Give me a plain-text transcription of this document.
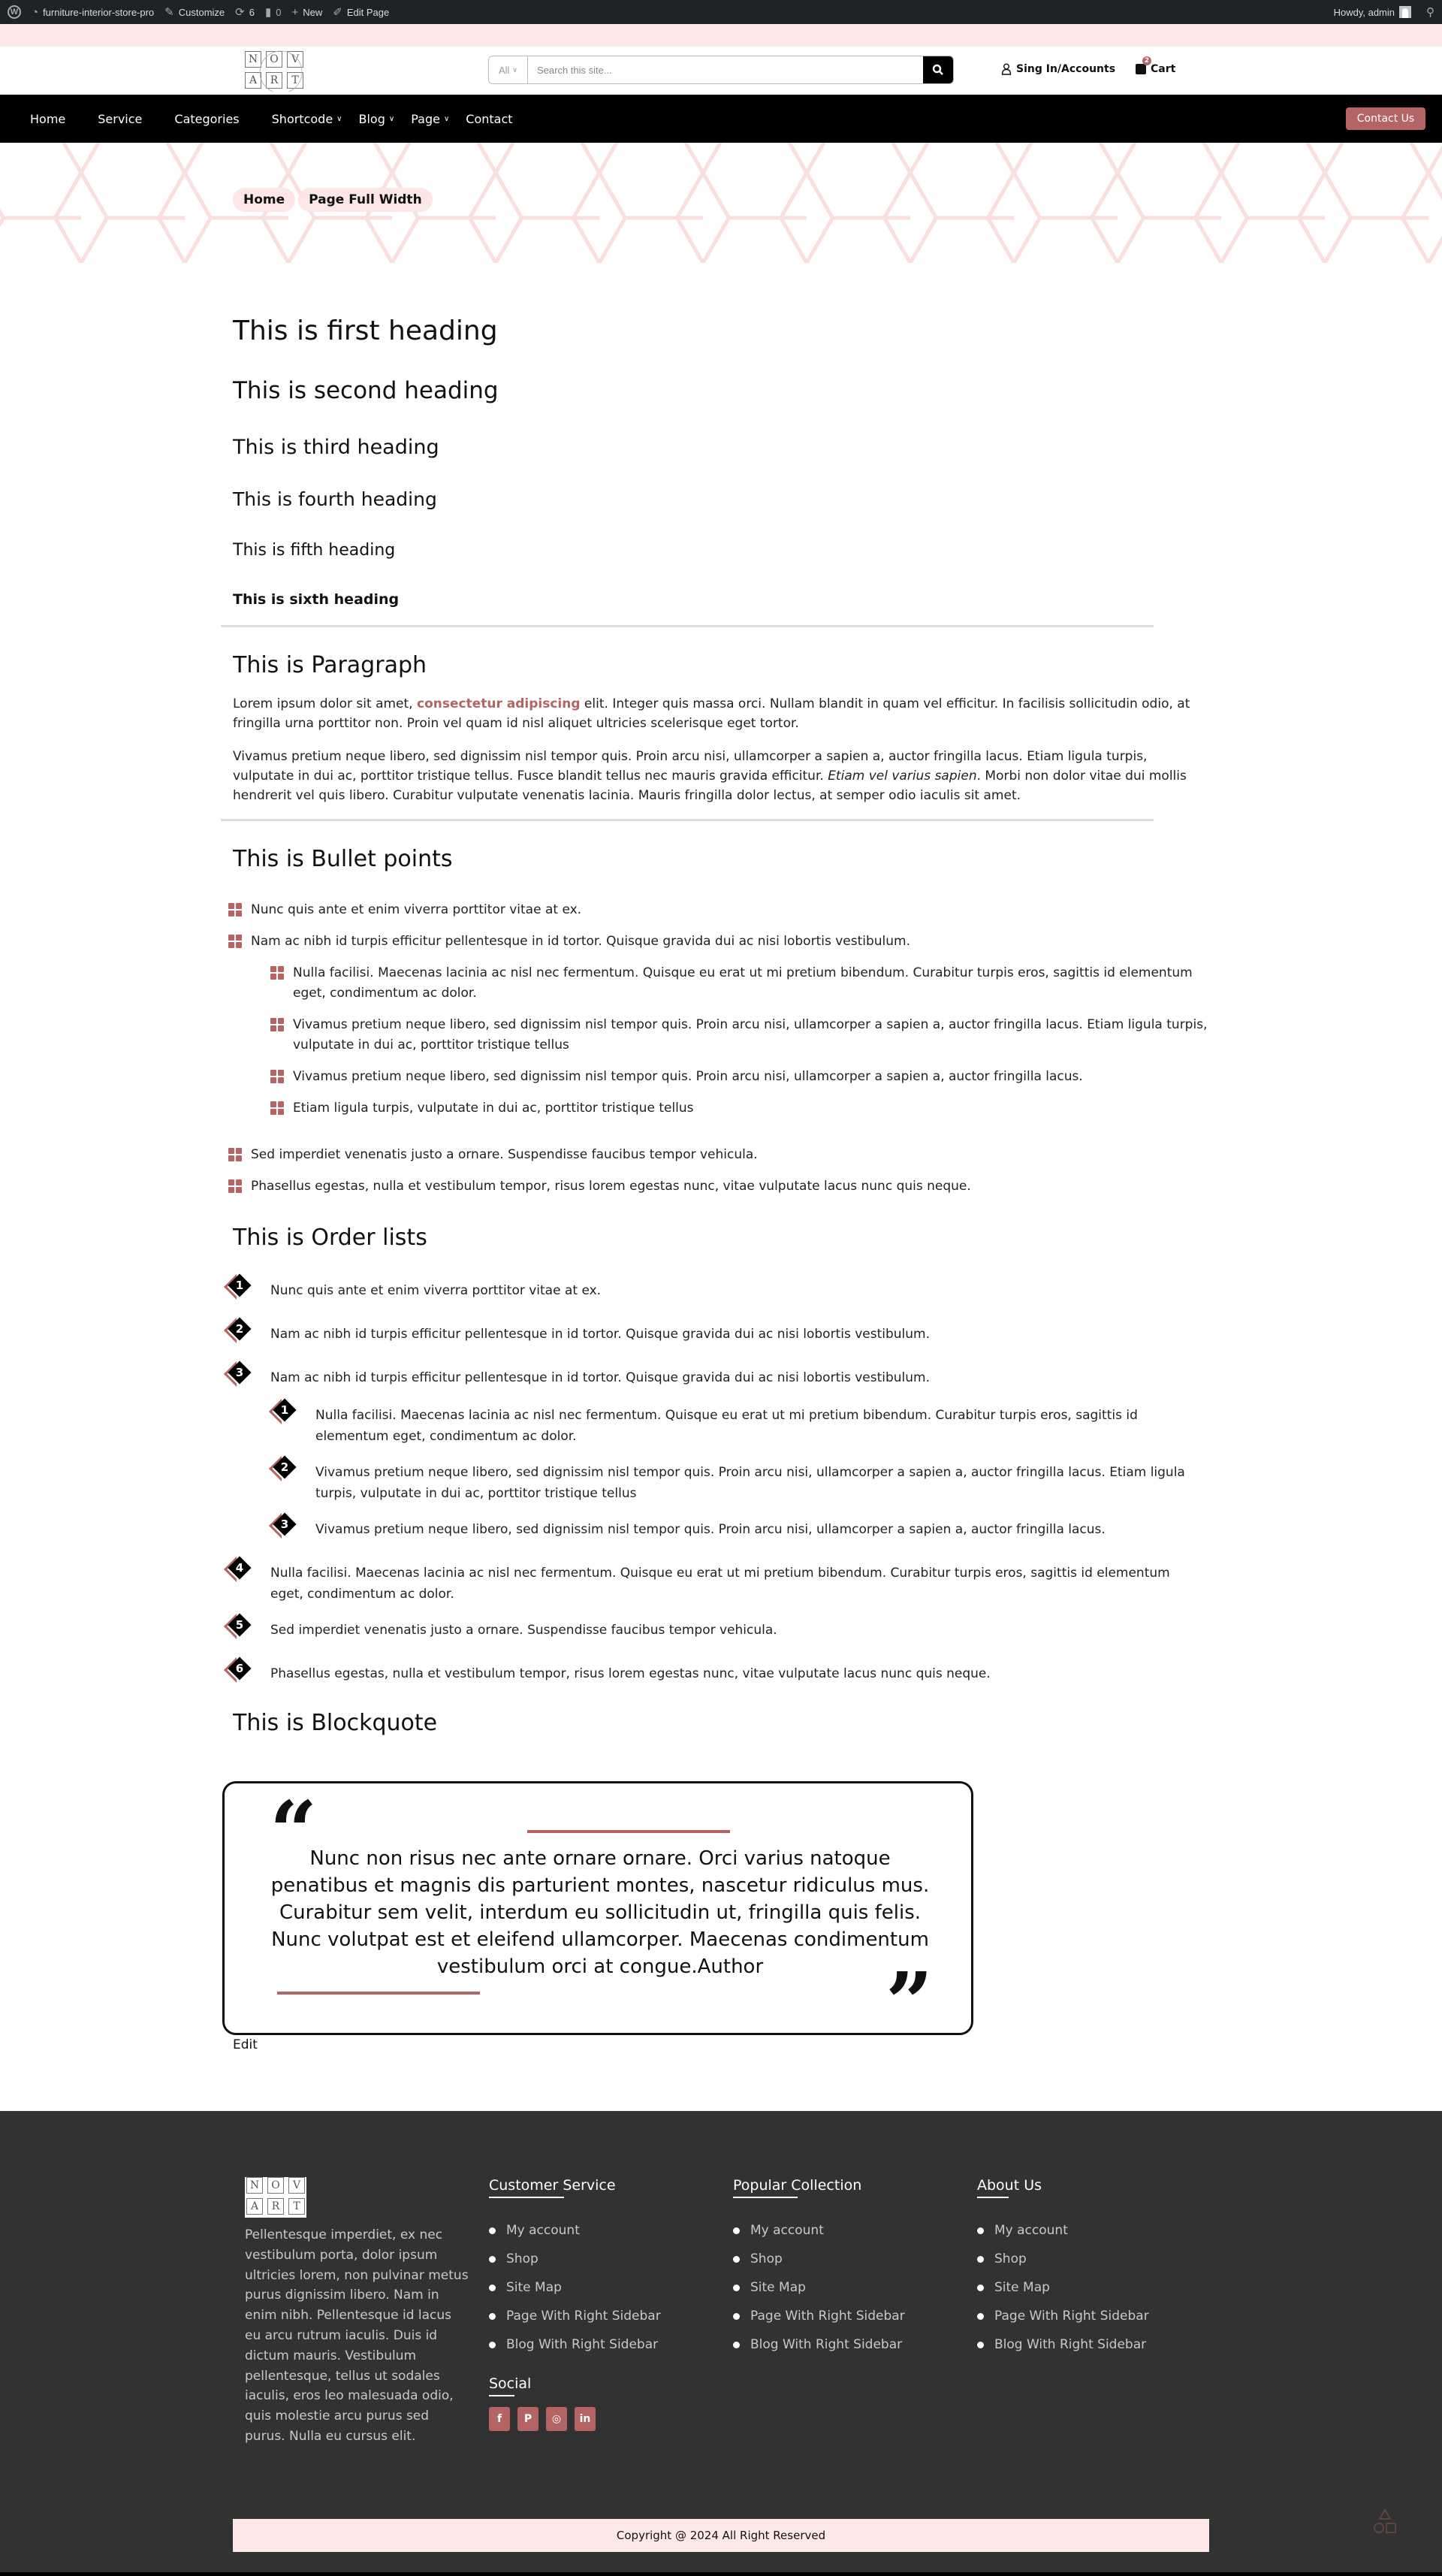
W ◔ furniture-interior-store-pro ✎ Customize ⟳ 6 ▮ 0 + New ✐ Edit Page	Howdy, admin	⚲
N	O	V
A	R	T
All ∨
Search this site...	Sing In/Accounts
2
Cart
Home	Service	Categories	Shortcode ∨ Blog ∨ Page ∨ Contact	Contact Us
Home	Page Full Width
This is first heading
This is second heading
This is third heading
This is fourth heading
This is fifth heading
This is sixth heading
This is Paragraph

Lorem ipsum dolor sit amet, consectetur adipiscing elit. Integer quis massa orci. Nullam blandit in quam vel efficitur. In facilisis sollicitudin odio, at fringilla urna porttitor non. Proin vel quam id nisl aliquet ultricies scelerisque eget tortor.

Vivamus pretium neque libero, sed dignissim nisl tempor quis. Proin arcu nisi, ullamcorper a sapien a, auctor fringilla lacus. Etiam ligula turpis, vulputate in dui ac, porttitor tristique tellus. Fusce blandit tellus nec mauris gravida efficitur. Etiam vel varius sapien. Morbi non dolor vitae dui mollis hendrerit vel quis libero. Curabitur vulputate venenatis lacinia. Mauris fringilla dolor lectus, at semper odio iaculis sit amet.

This is Bullet points
Nunc quis ante et enim viverra porttitor vitae at ex.
Nam ac nibh id turpis efficitur pellentesque in id tortor. Quisque gravida dui ac nisi lobortis vestibulum.
Nulla facilisi. Maecenas lacinia ac nisl nec fermentum. Quisque eu erat ut mi pretium bibendum. Curabitur turpis eros, sagittis id elementum eget, condimentum ac dolor.
Vivamus pretium neque libero, sed dignissim nisl tempor quis. Proin arcu nisi, ullamcorper a sapien a, auctor fringilla lacus. Etiam ligula turpis, vulputate in dui ac, porttitor tristique tellus
Vivamus pretium neque libero, sed dignissim nisl tempor quis. Proin arcu nisi, ullamcorper a sapien a, auctor fringilla lacus.
Etiam ligula turpis, vulputate in dui ac, porttitor tristique tellus
Sed imperdiet venenatis justo a ornare. Suspendisse faucibus tempor vehicula.
Phasellus egestas, nulla et vestibulum tempor, risus lorem egestas nunc, vitae vulputate lacus nunc quis neque.
This is Order lists
1	Nunc quis ante et enim viverra porttitor vitae at ex.
2	Nam ac nibh id turpis efficitur pellentesque in id tortor. Quisque gravida dui ac nisi lobortis vestibulum.
3	Nam ac nibh id turpis efficitur pellentesque in id tortor. Quisque gravida dui ac nisi lobortis vestibulum.
1	Nulla facilisi. Maecenas lacinia ac nisl nec fermentum. Quisque eu erat ut mi pretium bibendum. Curabitur turpis eros, sagittis id elementum eget, condimentum ac dolor.
2	Vivamus pretium neque libero, sed dignissim nisl tempor quis. Proin arcu nisi, ullamcorper a sapien a, auctor fringilla lacus. Etiam ligula turpis, vulputate in dui ac, porttitor tristique tellus
3	Vivamus pretium neque libero, sed dignissim nisl tempor quis. Proin arcu nisi, ullamcorper a sapien a, auctor fringilla lacus.
4	Nulla facilisi. Maecenas lacinia ac nisl nec fermentum. Quisque eu erat ut mi pretium bibendum. Curabitur turpis eros, sagittis id elementum eget, condimentum ac dolor.
5	Sed imperdiet venenatis justo a ornare. Suspendisse faucibus tempor vehicula.
6	Phasellus egestas, nulla et vestibulum tempor, risus lorem egestas nunc, vitae vulputate lacus nunc quis neque.
This is Blockquote
“
Nunc non risus nec ante ornare ornare. Orci varius natoque penatibus et magnis dis parturient montes, nascetur ridiculus mus. Curabitur sem velit, interdum eu sollicitudin ut, fringilla quis felis. Nunc volutpat est et eleifend ullamcorper. Maecenas condimentum vestibulum orci at congue.Author	”
Edit
N	O	V
A	R	T

Pellentesque imperdiet, ex nec vestibulum porta, dolor ipsum ultricies lorem, non pulvinar metus purus dignissim libero. Nam in enim nibh. Pellentesque id lacus eu arcu rutrum iaculis. Duis id dictum mauris. Vestibulum pellentesque, tellus ut sodales iaculis, eros leo malesuada odio, quis molestie arcu purus sed purus. Nulla eu cursus elit.

Customer Service
My account
Shop
Site Map
Page With Right Sidebar
Blog With Right Sidebar
Social
f	P	◎	in
Popular Collection
My account
Shop
Site Map
Page With Right Sidebar
Blog With Right Sidebar
About Us
My account
Shop
Site Map
Page With Right Sidebar
Blog With Right Sidebar
Copyright @ 2024 All Right Reserved
